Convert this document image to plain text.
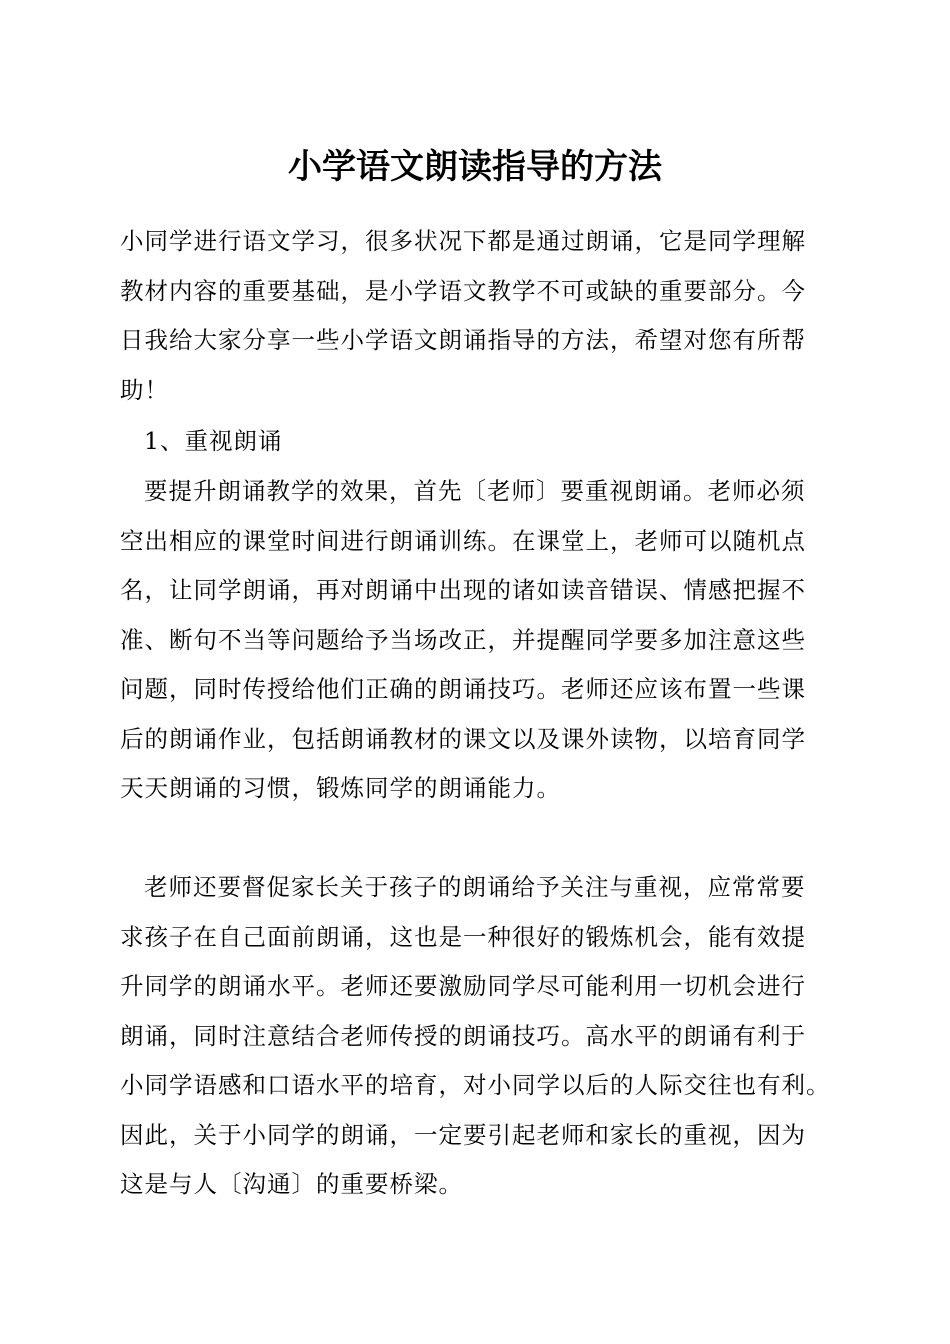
小学语文朗读指导的方法
小同学进行语文学习，很多状况下都是通过朗诵，它是同学理解
教材内容的重要基础，是小学语文教学不可或缺的重要部分。今
日我给大家分享一些小学语文朗诵指导的方法，希望对您有所帮
助！
1、重视朗诵
要提升朗诵教学的效果，首先〔老师〕要重视朗诵。老师必须
空出相应的课堂时间进行朗诵训练。在课堂上，老师可以随机点
名，让同学朗诵，再对朗诵中出现的诸如读音错误、情感把握不
准、断句不当等问题给予当场改正，并提醒同学要多加注意这些
问题，同时传授给他们正确的朗诵技巧。老师还应该布置一些课
后的朗诵作业，包括朗诵教材的课文以及课外读物，以培育同学
天天朗诵的习惯，锻炼同学的朗诵能力。
老师还要督促家长关于孩子的朗诵给予关注与重视，应常常要
求孩子在自己面前朗诵，这也是一种很好的锻炼机会，能有效提
升同学的朗诵水平。老师还要激励同学尽可能利用一切机会进行
朗诵，同时注意结合老师传授的朗诵技巧。高水平的朗诵有利于
小同学语感和口语水平的培育，对小同学以后的人际交往也有利。
因此，关于小同学的朗诵，一定要引起老师和家长的重视，因为
这是与人〔沟通〕的重要桥梁。
